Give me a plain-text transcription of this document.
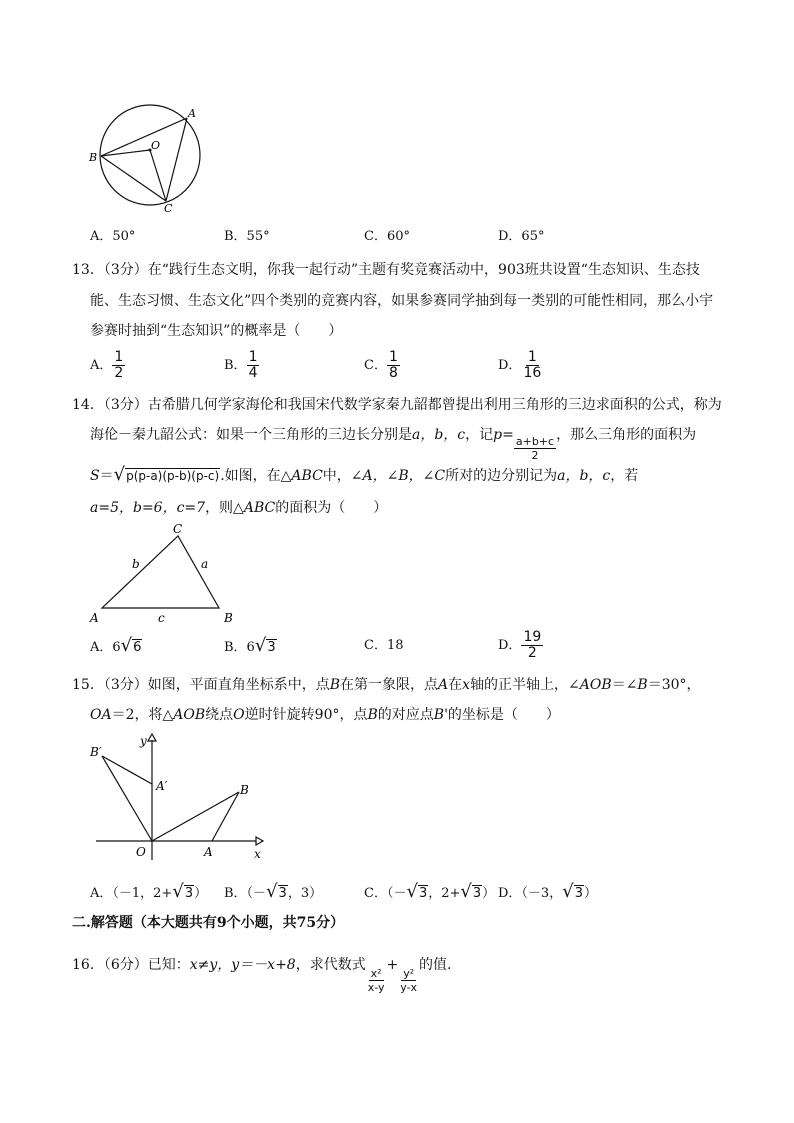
A
B
O
C
A．50°	B．55°	C．60°	D．65°
13．（3分）在“践行生态文明，你我一起行动”主题有奖竞赛活动中，903班共设置“生态知识、生态技
能、生态习惯、生态文化”四个类别的竞赛内容，如果参赛同学抽到每一类别的可能性相同，那么小宇
参赛时抽到“生态知识”的概率是（　　）
A． $\frac{1}{2}$	B． $\frac{1}{4}$	C． $\frac{1}{8}$	D． $\frac{1}{16}$
14．（3分）古希腊几何学家海伦和我国宋代数学家秦九韶都曾提出利用三角形的三边求面积的公式，称为
海伦－秦九韶公式：如果一个三角形的三边长分别是a，b，c，记$p= \frac{a+b+c}{2}$ ，那么三角形的面积为
S＝√p(p-a)(p-b)(p-c).如图，在△ABC中，∠A，∠B，∠C所对的边分别记为a，b，c，若
a=5，b=6，c=7，则△ABC的面积为（　　）
C
b	a
A	c	B
A．6√6	B．6√3	C．18	D． $\frac{19}{2}$
15．（3分）如图，平面直角坐标系中，点B在第一象限，点A在x轴的正半轴上，∠AOB＝∠B＝30°，
OA＝2，将△AOB绕点O逆时针旋转90°，点B的对应点B'的坐标是（　　）
B′
y
A′	B
O	A	x
A．（－1，2+√3） B．（－√3，3）	C．（－√3，2+√3） D．（－3，√3）
二.解答题（本大题共有9个小题，共75分）
16．（6分）已知：x≠y，y＝－x+8，求代数式
$\frac{\text{x²}}{x-y}$
+
$\frac{\text{y²}}{y-x}$
的值.
